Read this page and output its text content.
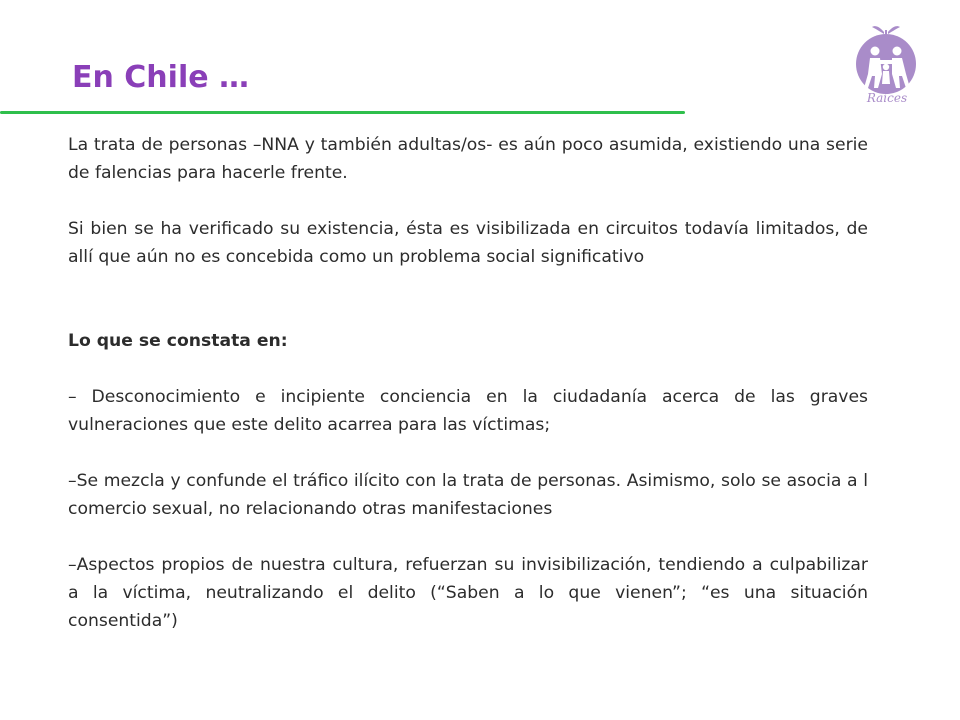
En Chile …
Raices

La trata de personas –NNA y también adultas/os- es aún poco asumida, existiendo una serie de falencias para hacerle frente.

Si bien se ha verificado su existencia, ésta es visibilizada en circuitos todavía limitados, de allí que aún no es concebida como un problema social significativo

Lo que se constata en:

– Desconocimiento e incipiente conciencia en la ciudadanía acerca de las graves vulneraciones que este delito acarrea para las víctimas;

–Se mezcla y confunde el tráfico ilícito con la trata de personas. Asimismo, solo se asocia a l comercio sexual, no relacionando otras manifestaciones

–Aspectos propios de nuestra cultura, refuerzan su invisibilización, tendiendo a culpabilizar a la víctima, neutralizando el delito (“Saben a lo que vienen”; “es una situación consentida”)
